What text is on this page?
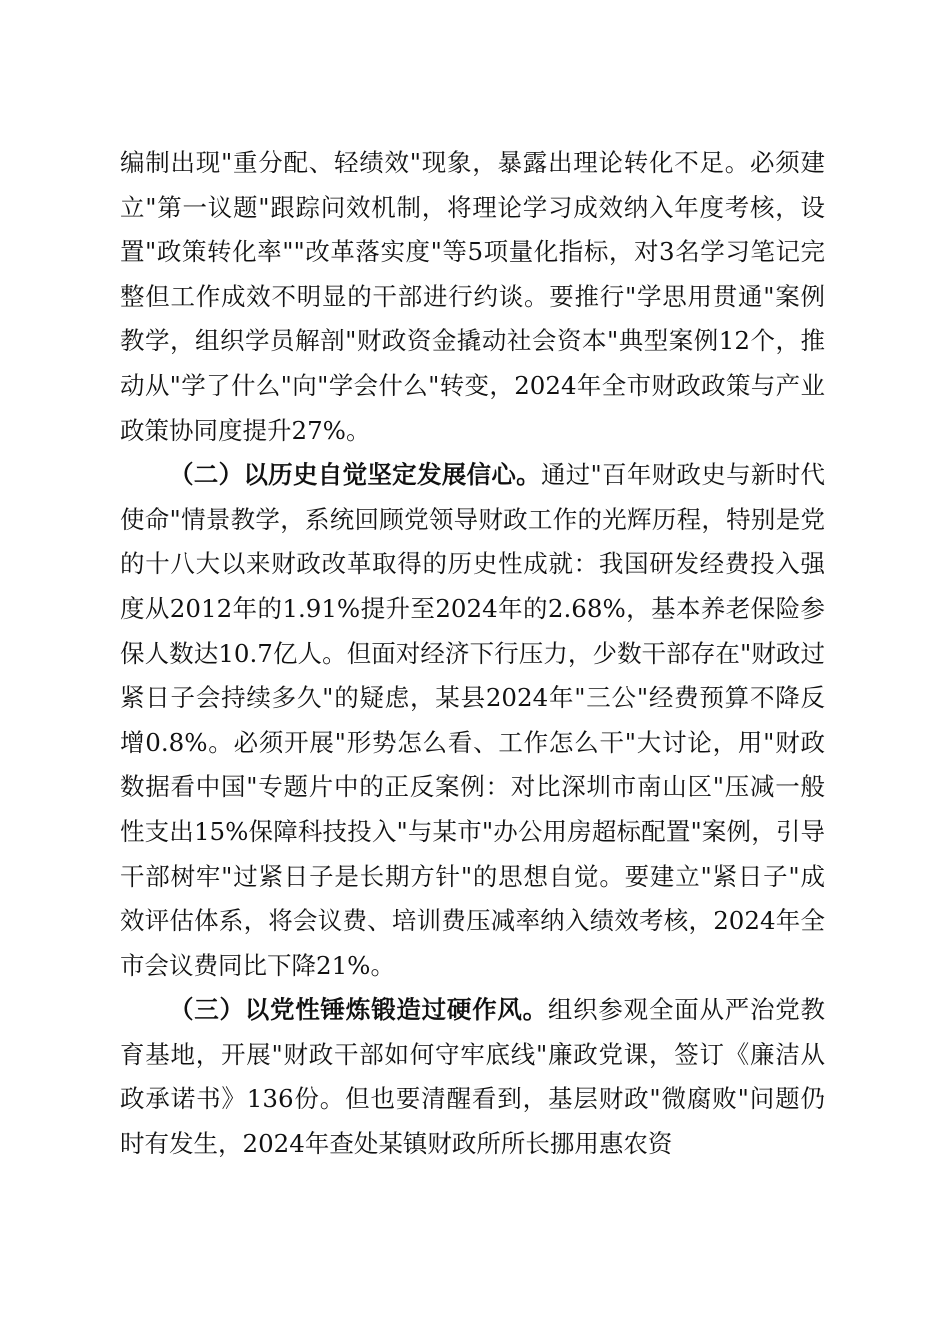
编制出现"重分配、轻绩效"现象，暴露出理论转化不足。必须建立"第一议题"跟踪问效机制，将理论学习成效纳入年度考核，设置"政策转化率""改革落实度"等5项量化指标，对3名学习笔记完整但工作成效不明显的干部进行约谈。要推行"学思用贯通"案例教学，组织学员解剖"财政资金撬动社会资本"典型案例12个，推动从"学了什么"向"学会什么"转变，2024年全市财政政策与产业政策协同度提升27%。

（二）以历史自觉坚定发展信心。通过"百年财政史与新时代使命"情景教学，系统回顾党领导财政工作的光辉历程，特别是党的十八大以来财政改革取得的历史性成就：我国研发经费投入强度从2012年的1.91%提升至2024年的2.68%，基本养老保险参保人数达10.7亿人。但面对经济下行压力，少数干部存在"财政过紧日子会持续多久"的疑虑，某县2024年"三公"经费预算不降反增0.8%。必须开展"形势怎么看、工作怎么干"大讨论，用"财政数据看中国"专题片中的正反案例：对比深圳市南山区"压减一般性支出15%保障科技投入"与某市"办公用房超标配置"案例，引导干部树牢"过紧日子是长期方针"的思想自觉。要建立"紧日子"成效评估体系，将会议费、培训费压减率纳入绩效考核，2024年全市会议费同比下降21%。

（三）以党性锤炼锻造过硬作风。组织参观全面从严治党教育基地，开展"财政干部如何守牢底线"廉政党课，签订《廉洁从政承诺书》136份。但也要清醒看到，基层财政"微腐败"问题仍时有发生，2024年查处某镇财政所所长挪用惠农资
